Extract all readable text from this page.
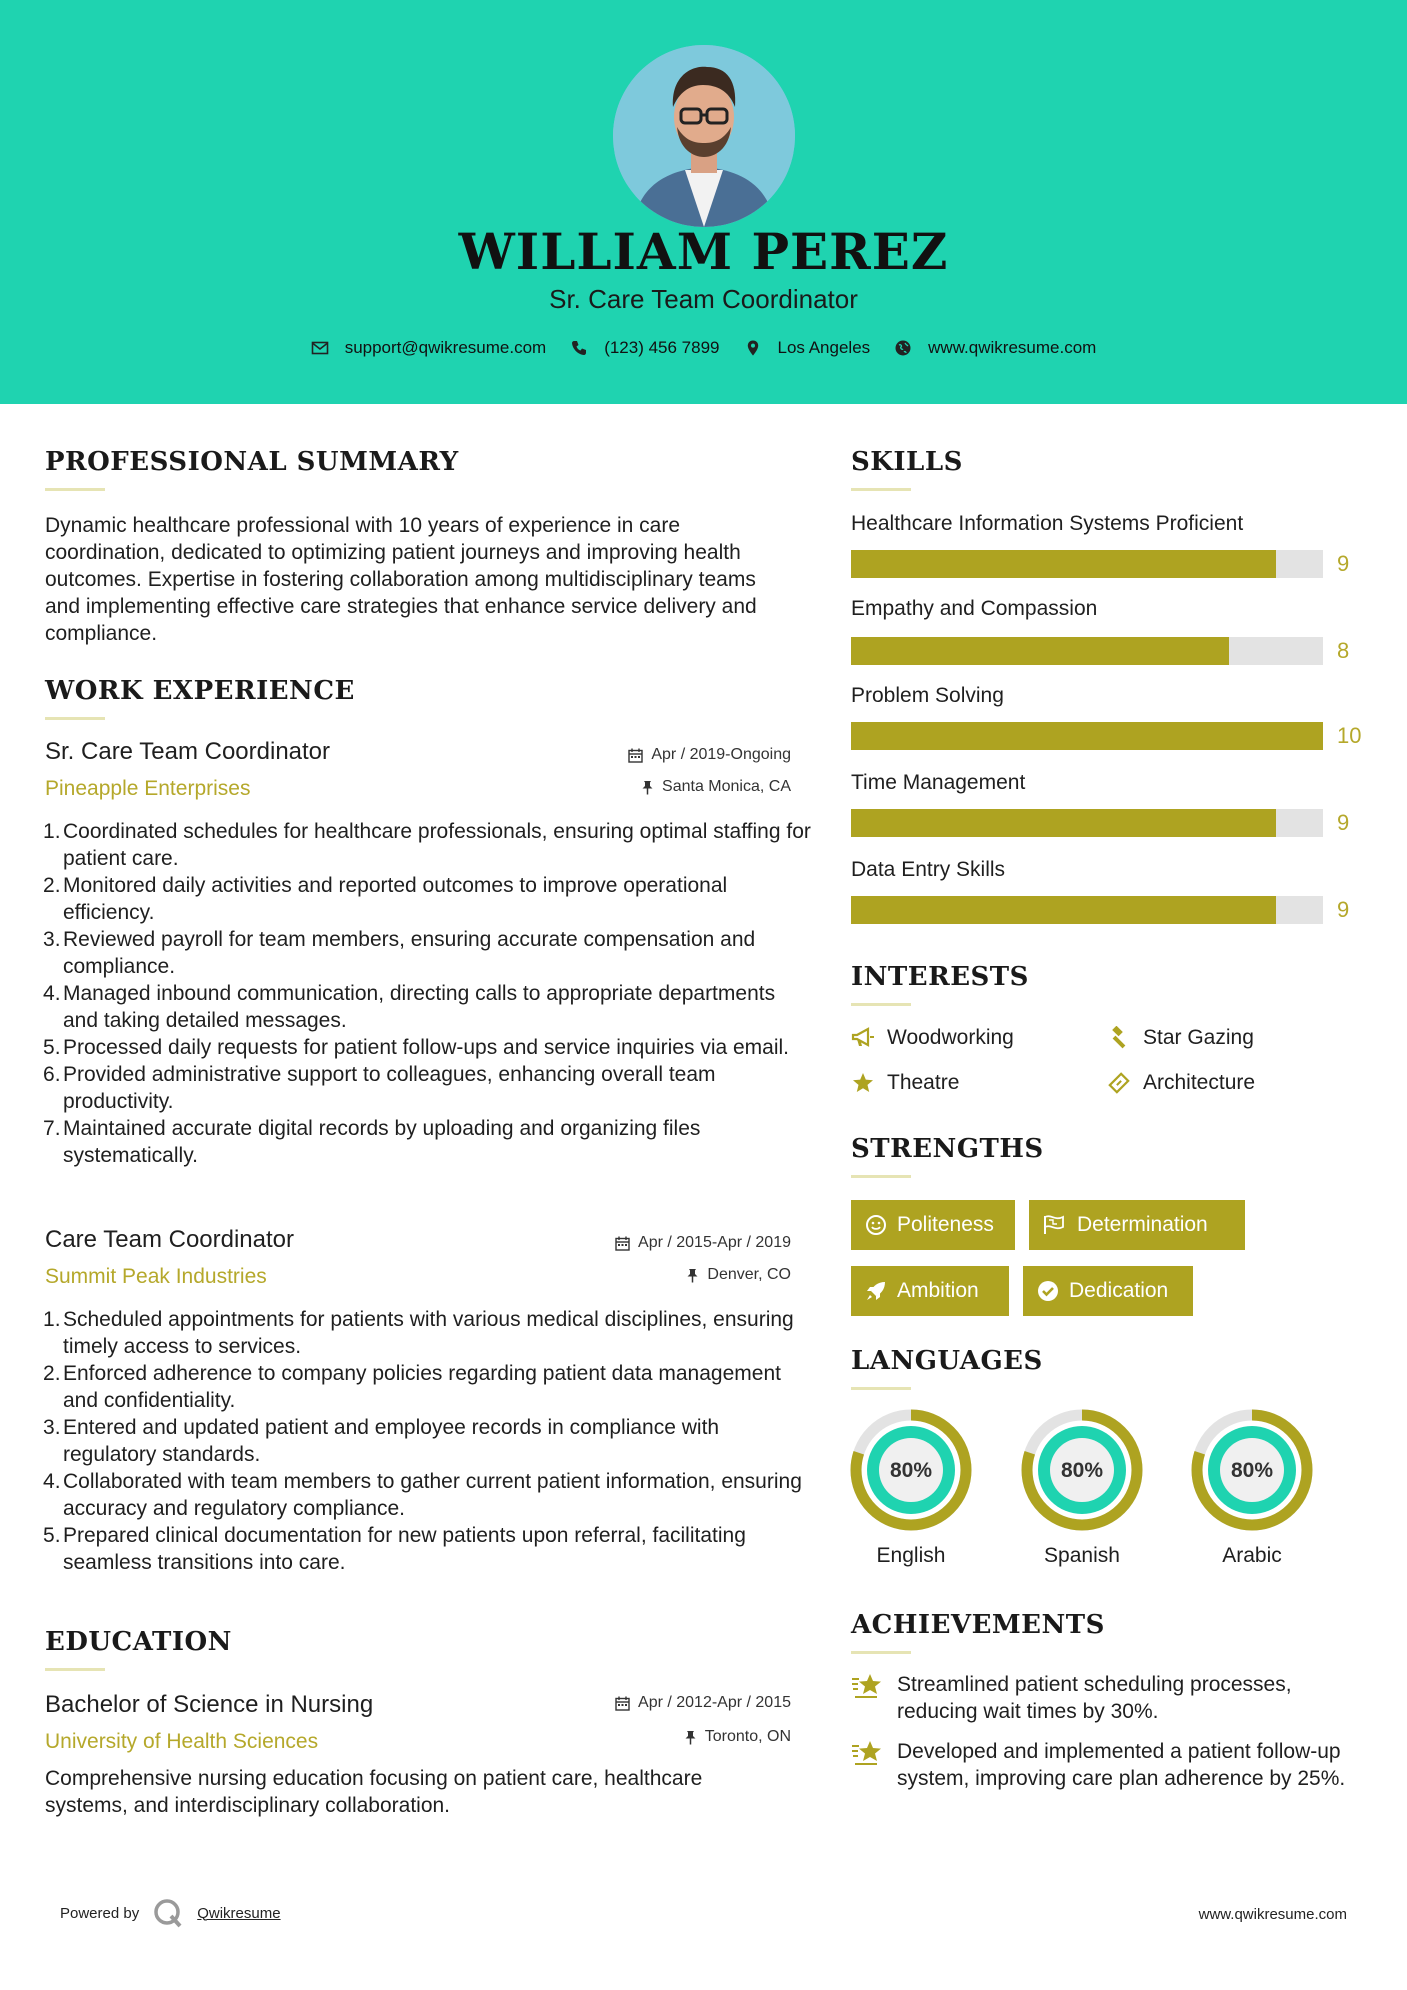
WILLIAM PEREZ
Sr. Care Team Coordinator
support@qwikresume.com	(123) 456 7899	Los Angeles	www.qwikresume.com
PROFESSIONAL SUMMARY
Dynamic healthcare professional with 10 years of experience in care coordination, dedicated to optimizing patient journeys and improving health outcomes. Expertise in fostering collaboration among multidisciplinary teams and implementing effective care strategies that enhance service delivery and compliance.
WORK EXPERIENCE
Sr. Care Team Coordinator	Apr / 2019-Ongoing
Pineapple Enterprises	Santa Monica, CA
Coordinated schedules for healthcare professionals, ensuring optimal staffing for patient care.
Monitored daily activities and reported outcomes to improve operational efficiency.
Reviewed payroll for team members, ensuring accurate compensation and compliance.
Managed inbound communication, directing calls to appropriate departments and taking detailed messages.
Processed daily requests for patient follow-ups and service inquiries via email.
Provided administrative support to colleagues, enhancing overall team productivity.
Maintained accurate digital records by uploading and organizing files systematically.
Care Team Coordinator	Apr / 2015-Apr / 2019
Summit Peak Industries	Denver, CO
Scheduled appointments for patients with various medical disciplines, ensuring timely access to services.
Enforced adherence to company policies regarding patient data management and confidentiality.
Entered and updated patient and employee records in compliance with regulatory standards.
Collaborated with team members to gather current patient information, ensuring accuracy and regulatory compliance.
Prepared clinical documentation for new patients upon referral, facilitating seamless transitions into care.
EDUCATION
Bachelor of Science in Nursing	Apr / 2012-Apr / 2015
University of Health Sciences	Toronto, ON
Comprehensive nursing education focusing on patient care, healthcare systems, and interdisciplinary collaboration.
SKILLS
Healthcare Information Systems Proficient
9
Empathy and Compassion
8
Problem Solving
10
Time Management
9
Data Entry Skills
9
INTERESTS
Woodworking	Star Gazing
Theatre	Architecture
STRENGTHS
Politeness	Determination
Ambition	Dedication
LANGUAGES
80%
English
80%
Spanish
80%
Arabic
ACHIEVEMENTS
Streamlined patient scheduling processes, reducing wait times by 30%.
Developed and implemented a patient follow-up system, improving care plan adherence by 25%.
Powered by	Qwikresume	www.qwikresume.com
